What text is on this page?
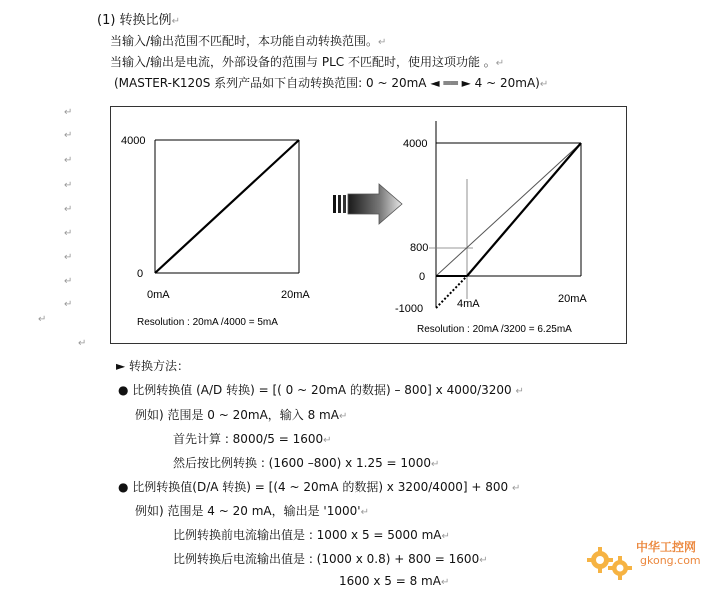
(1) 转换比例↵
当输入/输出范围不匹配时，本功能自动转换范围。↵
当输入/输出是电流，外部设备的范围与 PLC 不匹配时，使用这项功能 。↵
(MASTER-K120S 系列产品如下自动转换范围: 0 ~ 20mA ◄ ══ ► 4 ~ 20mA)↵
↵
↵
↵
↵
↵
↵
↵
↵
↵
↵
↵
4000
0
0mA	20mA
Resolution : 20mA /4000 = 5mA
4000
800
0
-1000	4mA	20mA
Resolution : 20mA /3200 = 6.25mA
► 转换方法：
● 比例转换值 (A/D 转换) = [( 0 ~ 20mA 的数据) – 800] x 4000/3200 ↵
例如) 范围是 0 ~ 20mA，输入 8 mA↵
首先计算 : 8000/5 = 1600↵
然后按比例转换 : (1600 –800) x 1.25 = 1000↵
● 比例转换值(D/A 转换) = [(4 ~ 20mA 的数据) x 3200/4000] + 800 ↵
例如) 范围是 4 ~ 20 mA，输出是 '1000'↵
比例转换前电流输出值是 : 1000 x 5 = 5000 mA↵
比例转换后电流输出值是 : (1000 x 0.8) + 800 = 1600↵
1600 x 5 = 8 mA↵
中华工控网
gkong.com
